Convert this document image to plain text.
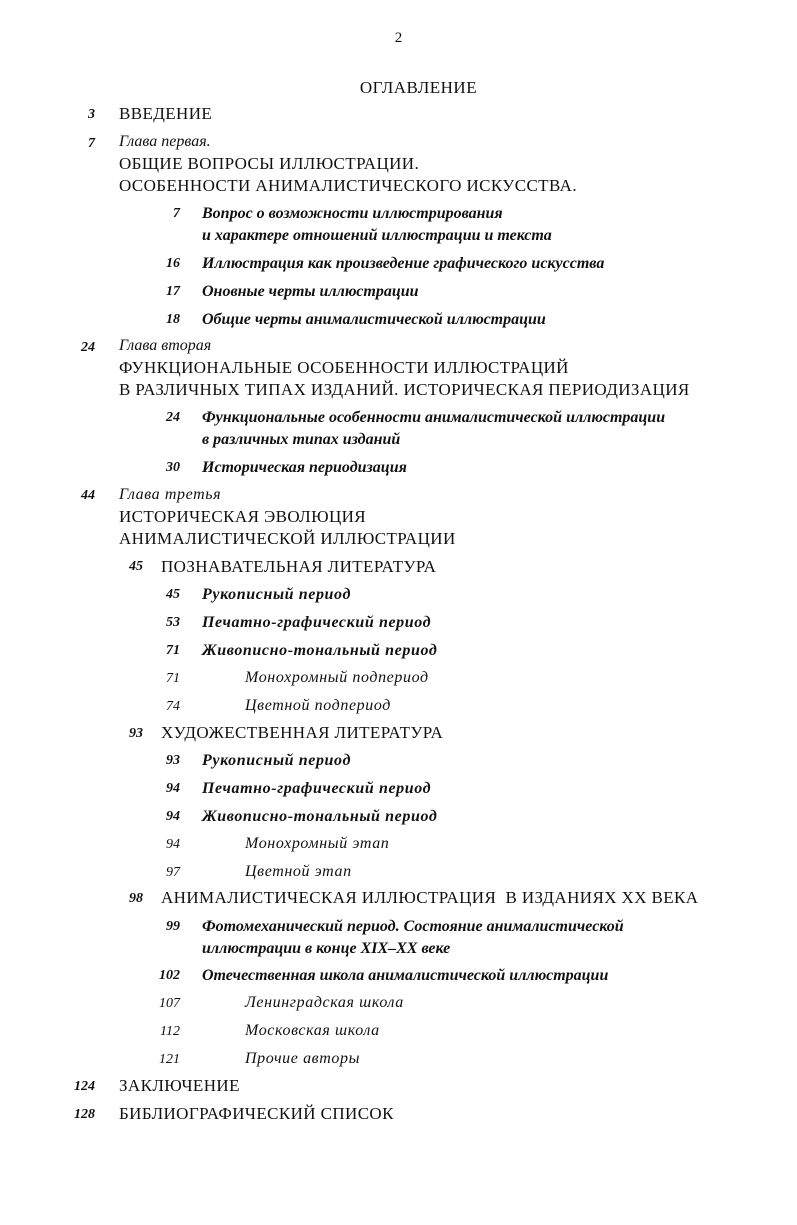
2
ОГЛАВЛЕНИЕ
3 ВВЕДЕНИЕ
7 Глава первая.
ОБЩИЕ ВОПРОСЫ ИЛЛЮСТРАЦИИ.
ОСОБЕННОСТИ АНИМАЛИСТИЧЕСКОГО ИСКУССТВА.
7 Вопрос о возможности иллюстрирования
и характере отношений иллюстрации и текста
16 Иллюстрация как произведение графического искусства
17 Оновные черты иллюстрации
18 Общие черты анималистической иллюстрации
24 Глава вторая
ФУНКЦИОНАЛЬНЫЕ ОСОБЕННОСТИ ИЛЛЮСТРАЦИЙ
В РАЗЛИЧНЫХ ТИПАХ ИЗДАНИЙ. ИСТОРИЧЕСКАЯ ПЕРИОДИЗАЦИЯ
24 Функциональные особенности анималистической иллюстрации
в различных типах изданий
30 Историческая периодизация
44 Глава третья
ИСТОРИЧЕСКАЯ ЭВОЛЮЦИЯ
АНИМАЛИСТИЧЕСКОЙ ИЛЛЮСТРАЦИИ
45 ПОЗНАВАТЕЛЬНАЯ ЛИТЕРАТУРА
45 Рукописный период
53 Печатно-графический период
71 Живописно-тональный период
71	Монохромный подпериод
74	Цветной подпериод
93 ХУДОЖЕСТВЕННАЯ ЛИТЕРАТУРА
93 Рукописный период
94 Печатно-графический период
94 Живописно-тональный период
94	Монохромный этап
97	Цветной этап
98 АНИМАЛИСТИЧЕСКАЯ ИЛЛЮСТРАЦИЯ  В ИЗДАНИЯХ XX ВЕКА
99 Фотомеханический период. Состояние анималистической
иллюстрации в конце XIX–XX веке
102 Отечественная школа анималистической иллюстрации
107	Ленинградская школа
112	Московская школа
121	Прочие авторы
124 ЗАКЛЮЧЕНИЕ
128 БИБЛИОГРАФИЧЕСКИЙ СПИСОК
